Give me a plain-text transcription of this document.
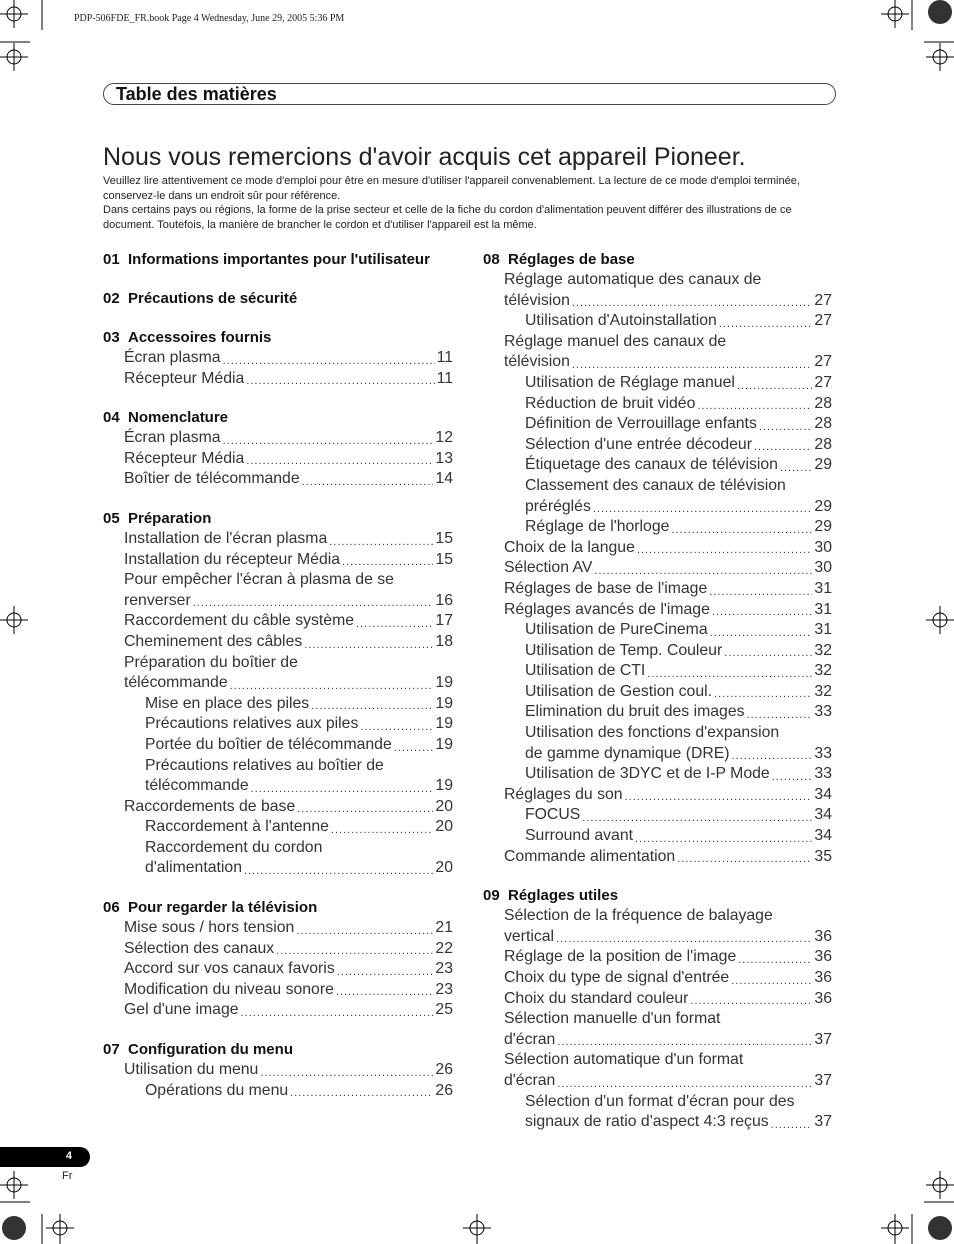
PDP-506FDE_FR.book Page 4 Wednesday, June 29, 2005 5:36 PM
Table des matières
Nous vous remercions d'avoir acquis cet appareil Pioneer.

Veuillez lire attentivement ce mode d'emploi pour être en mesure d'utiliser l'appareil convenablement. La lecture de ce mode d'emploi terminée, conservez-le dans un endroit sûr pour référence.

Dans certains pays ou régions, la forme de la prise secteur et celle de la fiche du cordon d'alimentation peuvent différer des illustrations de ce document. Toutefois, la manière de brancher le cordon et d'utiliser l'appareil est la même.

01 Informations importantes pour l'utilisateur
02 Précautions de sécurité
03 Accessoires fournis
Écran plasma .....	11
Récepteur Média .....	11
04 Nomenclature
Écran plasma .....	12
Récepteur Média .....	13
Boîtier de télécommande .....	14
05 Préparation
Installation de l'écran plasma .....	15
Installation du récepteur Média .....	15
Pour empêcher l'écran à plasma de se
renverser .....	16
Raccordement du câble système .....	17
Cheminement des câbles .....	18
Préparation du boîtier de
télécommande .....	19
Mise en place des piles .....	19
Précautions relatives aux piles .....	19
Portée du boîtier de télécommande .....	19
Précautions relatives au boîtier de
télécommande .....	19
Raccordements de base .....	20
Raccordement à l'antenne .....	20
Raccordement du cordon
d'alimentation .....	20
06 Pour regarder la télévision
Mise sous / hors tension .....	21
Sélection des canaux .....	22
Accord sur vos canaux favoris .....	23
Modification du niveau sonore .....	23
Gel d'une image .....	25
07 Configuration du menu
Utilisation du menu .....	26
Opérations du menu .....	26
08 Réglages de base
Réglage automatique des canaux de
télévision .....	27
Utilisation d'Autoinstallation .....	27
Réglage manuel des canaux de
télévision .....	27
Utilisation de Réglage manuel .....	27
Réduction de bruit vidéo .....	28
Définition de Verrouillage enfants .....	28
Sélection d'une entrée décodeur .....	28
Étiquetage des canaux de télévision ..... 29
Classement des canaux de télévision
préréglés .....	29
Réglage de l'horloge .....	29
Choix de la langue .....	30
Sélection AV .....	30
Réglages de base de l'image .....	31
Réglages avancés de l'image .....	31
Utilisation de PureCinema .....	31
Utilisation de Temp. Couleur .....	32
Utilisation de CTI .....	32
Utilisation de Gestion coul. .....	32
Elimination du bruit des images .....	33
Utilisation des fonctions d'expansion
de gamme dynamique (DRE) .....	33
Utilisation de 3DYC et de I-P Mode .....	33
Réglages du son .....	34
FOCUS .....	34
Surround avant .....	34
Commande alimentation .....	35
09 Réglages utiles
Sélection de la fréquence de balayage
vertical .....	36
Réglage de la position de l'image .....	36
Choix du type de signal d'entrée .....	36
Choix du standard couleur .....	36
Sélection manuelle d'un format
d'écran .....	37
Sélection automatique d'un format
d'écran .....	37
Sélection d'un format d'écran pour des
signaux de ratio d'aspect 4:3 reçus .....	37
4
Fr
